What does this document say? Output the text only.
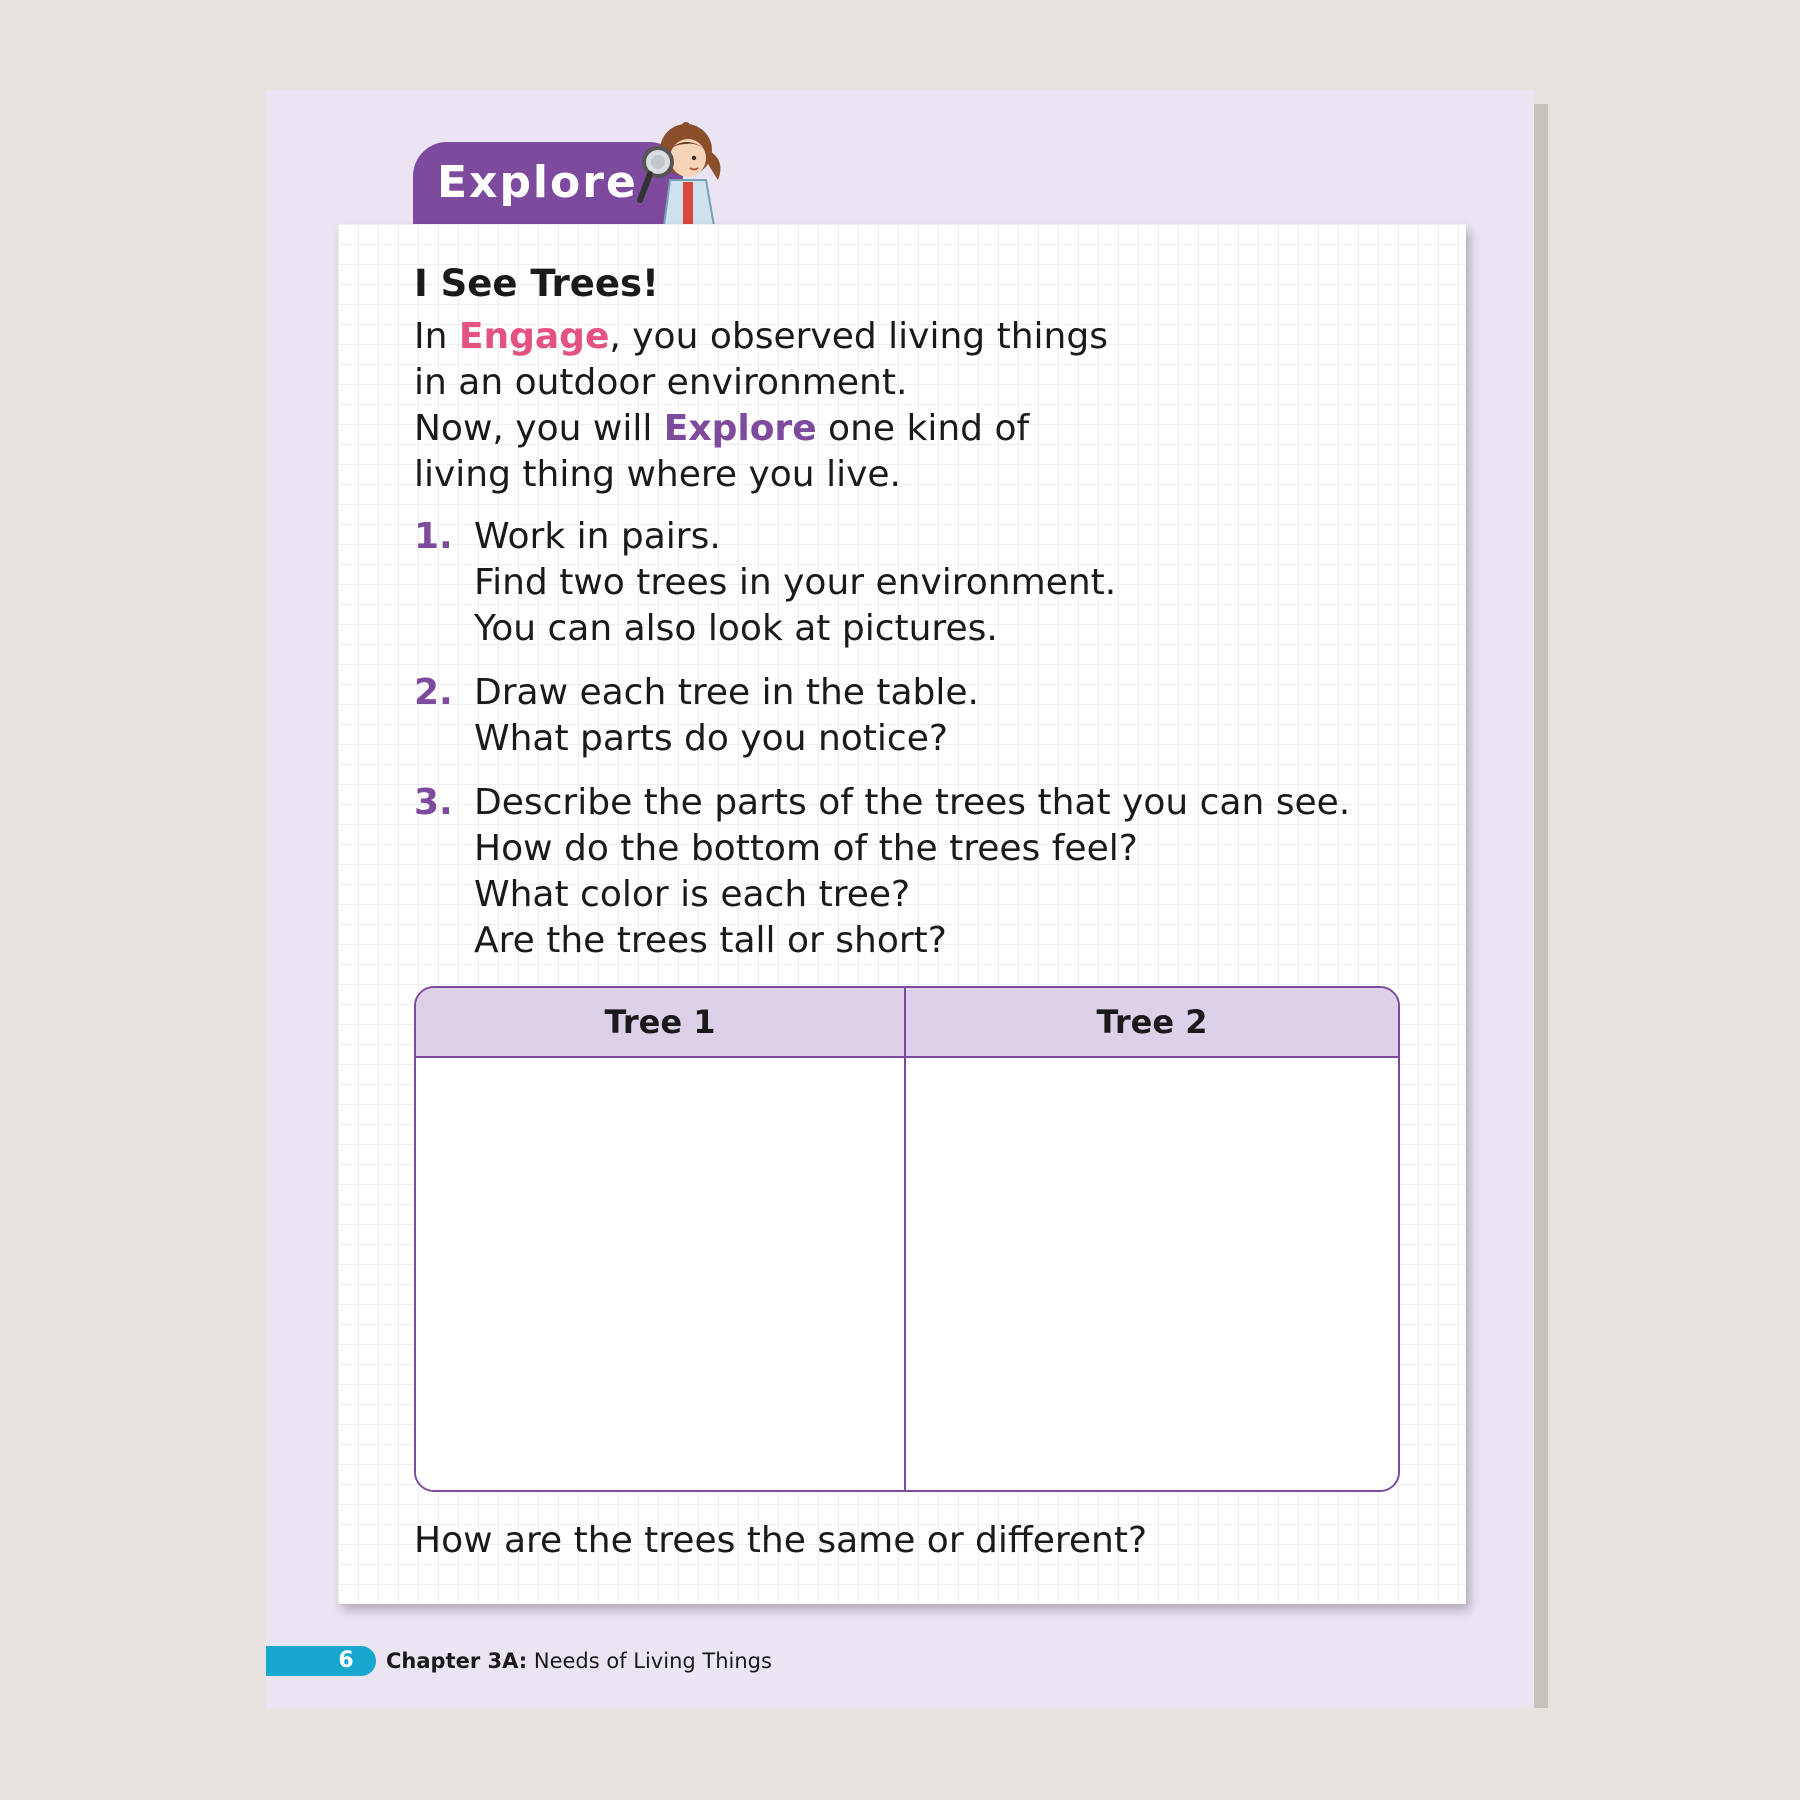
Explore
I See Trees!
In Engage, you observed living things
in an outdoor environment.
Now, you will Explore one kind of
living thing where you live.
1. Work in pairs.
Find two trees in your environment.
You can also look at pictures.
2. Draw each tree in the table.
What parts do you notice?
3. Describe the parts of the trees that you can see.
How do the bottom of the trees feel?
What color is each tree?
Are the trees tall or short?
Tree 1	Tree 2

How are the trees the same or different?

6	Chapter 3A: Needs of Living Things
